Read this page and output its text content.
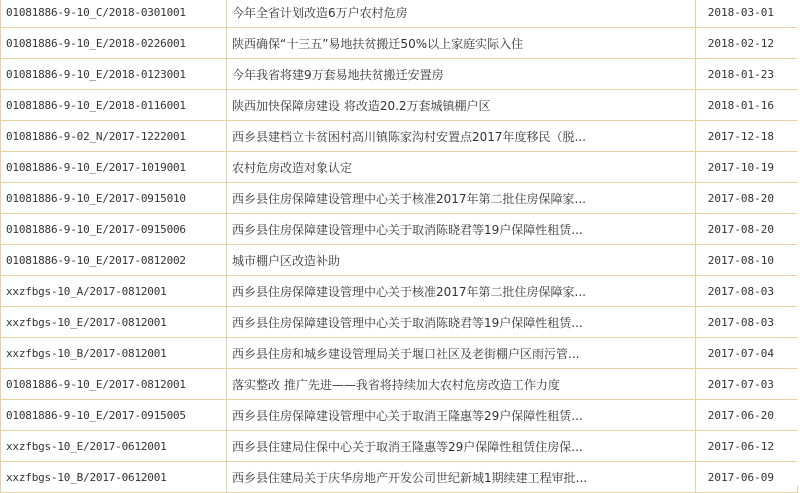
01081886-9-10_C/2018-0301001	今年全省计划改造6万户农村危房	2018-03-01
01081886-9-10_E/2018-0226001	陕西确保“十三五”易地扶贫搬迁50%以上家庭实际入住	2018-02-12
01081886-9-10_E/2018-0123001	今年我省将建9万套易地扶贫搬迁安置房	2018-01-23
01081886-9-10_E/2018-0116001	陕西加快保障房建设 将改造20.2万套城镇棚户区	2018-01-16
01081886-9-02_N/2017-1222001	西乡县建档立卡贫困村高川镇陈家沟村安置点2017年度移民（脱...	2017-12-18
01081886-9-10_E/2017-1019001	农村危房改造对象认定	2017-10-19
01081886-9-10_E/2017-0915010	西乡县住房保障建设管理中心关于核准2017年第二批住房保障家...	2017-08-20
01081886-9-10_E/2017-0915006	西乡县住房保障建设管理中心关于取消陈晓君等19户保障性租赁...	2017-08-20
01081886-9-10_E/2017-0812002	城市棚户区改造补助	2017-08-10
xxzfbgs-10_A/2017-0812001	西乡县住房保障建设管理中心关于核准2017年第二批住房保障家...	2017-08-03
xxzfbgs-10_E/2017-0812001	西乡县住房保障建设管理中心关于取消陈晓君等19户保障性租赁...	2017-08-03
xxzfbgs-10_B/2017-0812001	西乡县住房和城乡建设管理局关于堰口社区及老街棚户区雨污管...	2017-07-04
01081886-9-10_E/2017-0812001	落实整改 推广先进——我省将持续加大农村危房改造工作力度	2017-07-03
01081886-9-10_E/2017-0915005	西乡县住房保障建设管理中心关于取消王隆惠等29户保障性租赁...	2017-06-20
xxzfbgs-10_E/2017-0612001	西乡县住建局住保中心关于取消王隆惠等29户保障性租赁住房保...	2017-06-12
xxzfbgs-10_B/2017-0612001	西乡县住建局关于庆华房地产开发公司世纪新城1期续建工程审批...	2017-06-09
